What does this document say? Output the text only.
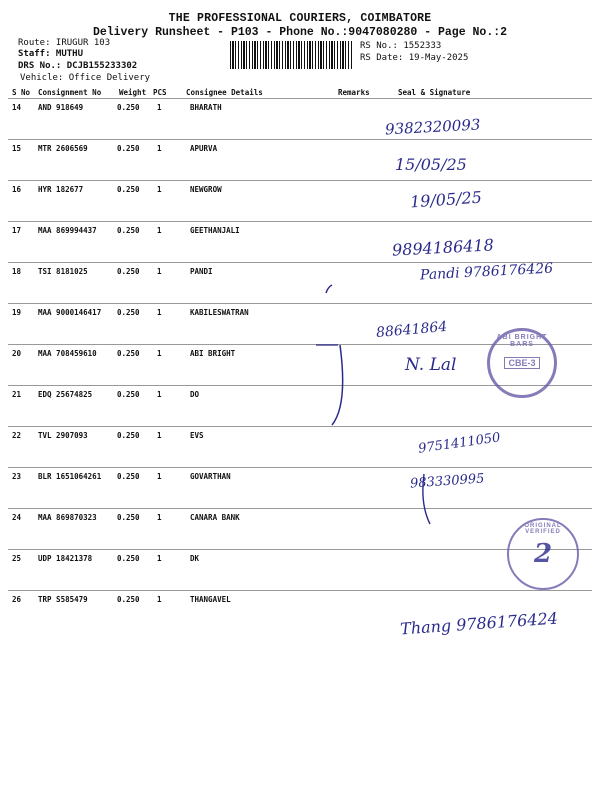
THE PROFESSIONAL COURIERS, COIMBATORE
Delivery Runsheet - P103 - Phone No.:9047080280 - Page No.:2
Route: IRUGUR 103
Staff: MUTHU
DRS No.: DCJB155233302
Vehicle: Office Delivery
RS No.: 1552333
RS Date: 19-May-2025
S No Consignment No Weight PCS	Consignee Details	Remarks	Seal & Signature
14 AND 918649	0.250 1	BHARATH
15 MTR 2606569	0.250 1	APURVA
16 HYR 182677	0.250 1	NEWGROW
17 MAA 869994437	0.250 1	GEETHANJALI
18 TSI 8181025	0.250 1	PANDI
19 MAA 9000146417 0.250 1	KABILESWATRAN
20 MAA 708459610	0.250 1	ABI BRIGHT
21 EDQ 25674825	0.250 1	DO
22 TVL 2907093	0.250 1	EVS
23 BLR 1651064261 0.250 1	GOVARTHAN
24 MAA 869870323	0.250 1	CANARA BANK
25 UDP 18421378	0.250 1	DK
26 TRP S585479	0.250 1	THANGAVEL
9382320093
15/05/25
19/05/25
9894186418
Pandi 9786176426
88641864
N. Lal
9751411050
983330995
Thang 9786176424
ABI BRIGHT BARS
CBE-3
ORIGINAL VERIFIED
2
